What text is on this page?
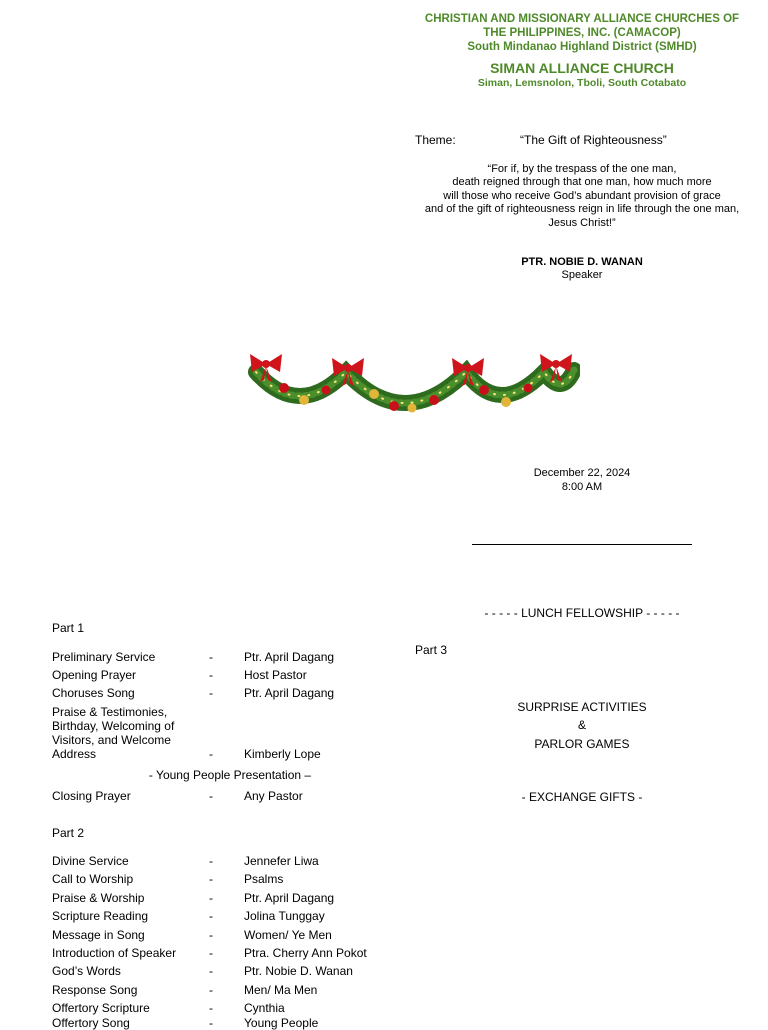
CHRISTIAN AND MISSIONARY ALLIANCE CHURCHES OF
THE PHILIPPINES, INC. (CAMACOP)
South Mindanao Highland District (SMHD)
SIMAN ALLIANCE CHURCH
Siman, Lemsnolon, Tboli, South Cotabato
Theme:	“The Gift of Righteousness”
“For if, by the trespass of the one man,
death reigned through that one man, how much more
will those who receive God’s abundant provision of grace
and of the gift of righteousness reign in life through the one man,
Jesus Christ!”
PTR. NOBIE D. WANAN
Speaker
December 22, 2024
8:00 AM
- - - - - LUNCH FELLOWSHIP - - - - -
Part 3
SURPRISE ACTIVITIES
&
PARLOR GAMES
- EXCHANGE GIFTS -
Part 1
Preliminary Service	-	Ptr. April Dagang
Opening Prayer	-	Host Pastor
Choruses Song	-	Ptr. April Dagang
Praise & Testimonies, Birthday, Welcoming of Visitors, and Welcome Address	-	Kimberly Lope
- Young People Presentation –
Closing Prayer	-	Any Pastor
Part 2
Divine Service	-	Jennefer Liwa
Call to Worship	-	Psalms
Praise & Worship	-	Ptr. April Dagang
Scripture Reading	-	Jolina Tunggay
Message in Song	-	Women/ Ye Men
Introduction of Speaker	-	Ptra. Cherry Ann Pokot
God’s Words	-	Ptr. Nobie D. Wanan
Response Song	-	Men/ Ma Men
Offertory Scripture	-	Cynthia
Offertory Song	-	Young People
